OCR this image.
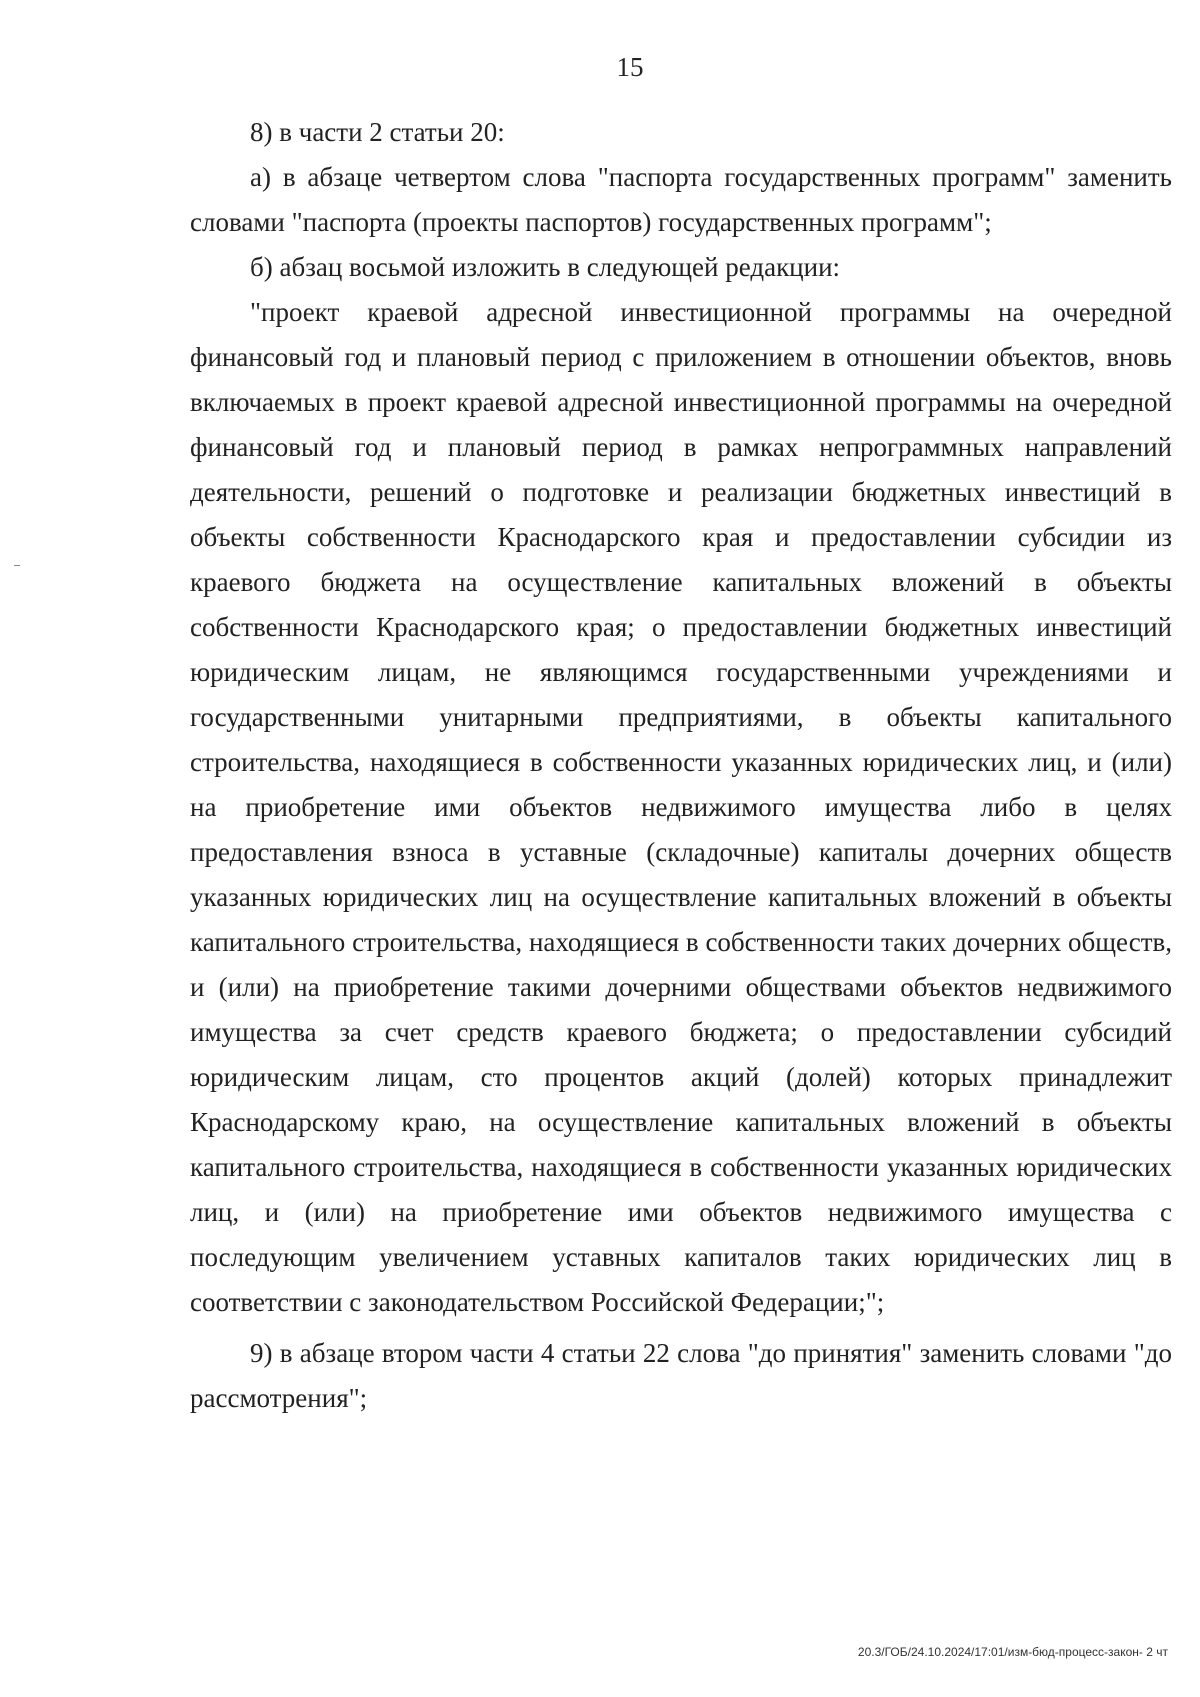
15

8) в части 2 статьи 20:

а) в абзаце четвертом слова "паспорта государственных программ" заменить словами "паспорта (проекты паспортов) государственных программ";

б) абзац восьмой изложить в следующей редакции:

"проект краевой адресной инвестиционной программы на очередной финансовый год и плановый период с приложением в отношении объектов, вновь включаемых в проект краевой адресной инвестиционной программы на очередной финансовый год и плановый период в рамках непрограммных направлений деятельности, решений о подготовке и реализации бюджетных инвестиций в объекты собственности Краснодарского края и предоставлении субсидии из краевого бюджета на осуществление капитальных вложений в объекты собственности Краснодарского края; о предоставлении бюджетных инвестиций юридическим лицам, не являющимся государственными учреждениями и государственными унитарными предприятиями, в объекты капитального строительства, находящиеся в собственности указанных юридических лиц, и (или) на приобретение ими объектов недвижимого имущества либо в целях предоставления взноса в уставные (складочные) капиталы дочерних обществ указанных юридических лиц на осуществление капитальных вложений в объекты капитального строительства, находящиеся в собственности таких дочерних обществ, и (или) на приобретение такими дочерними обществами объектов недвижимого имущества за счет средств краевого бюджета; о предоставлении субсидий юридическим лицам, сто процентов акций (долей) которых принадлежит Краснодарскому краю, на осуществление капитальных вложений в объекты капитального строительства, находящиеся в собственности указанных юридических лиц, и (или) на приобретение ими объектов недвижимого имущества с последующим увеличением уставных капиталов таких юридических лиц в соответствии с законодательством Российской Федерации;";

9) в абзаце втором части 4 статьи 22 слова "до принятия" заменить словами "до рассмотрения";

20.3/ГОБ/24.10.2024/17:01/изм-бюд-процесс-закон- 2 чт
